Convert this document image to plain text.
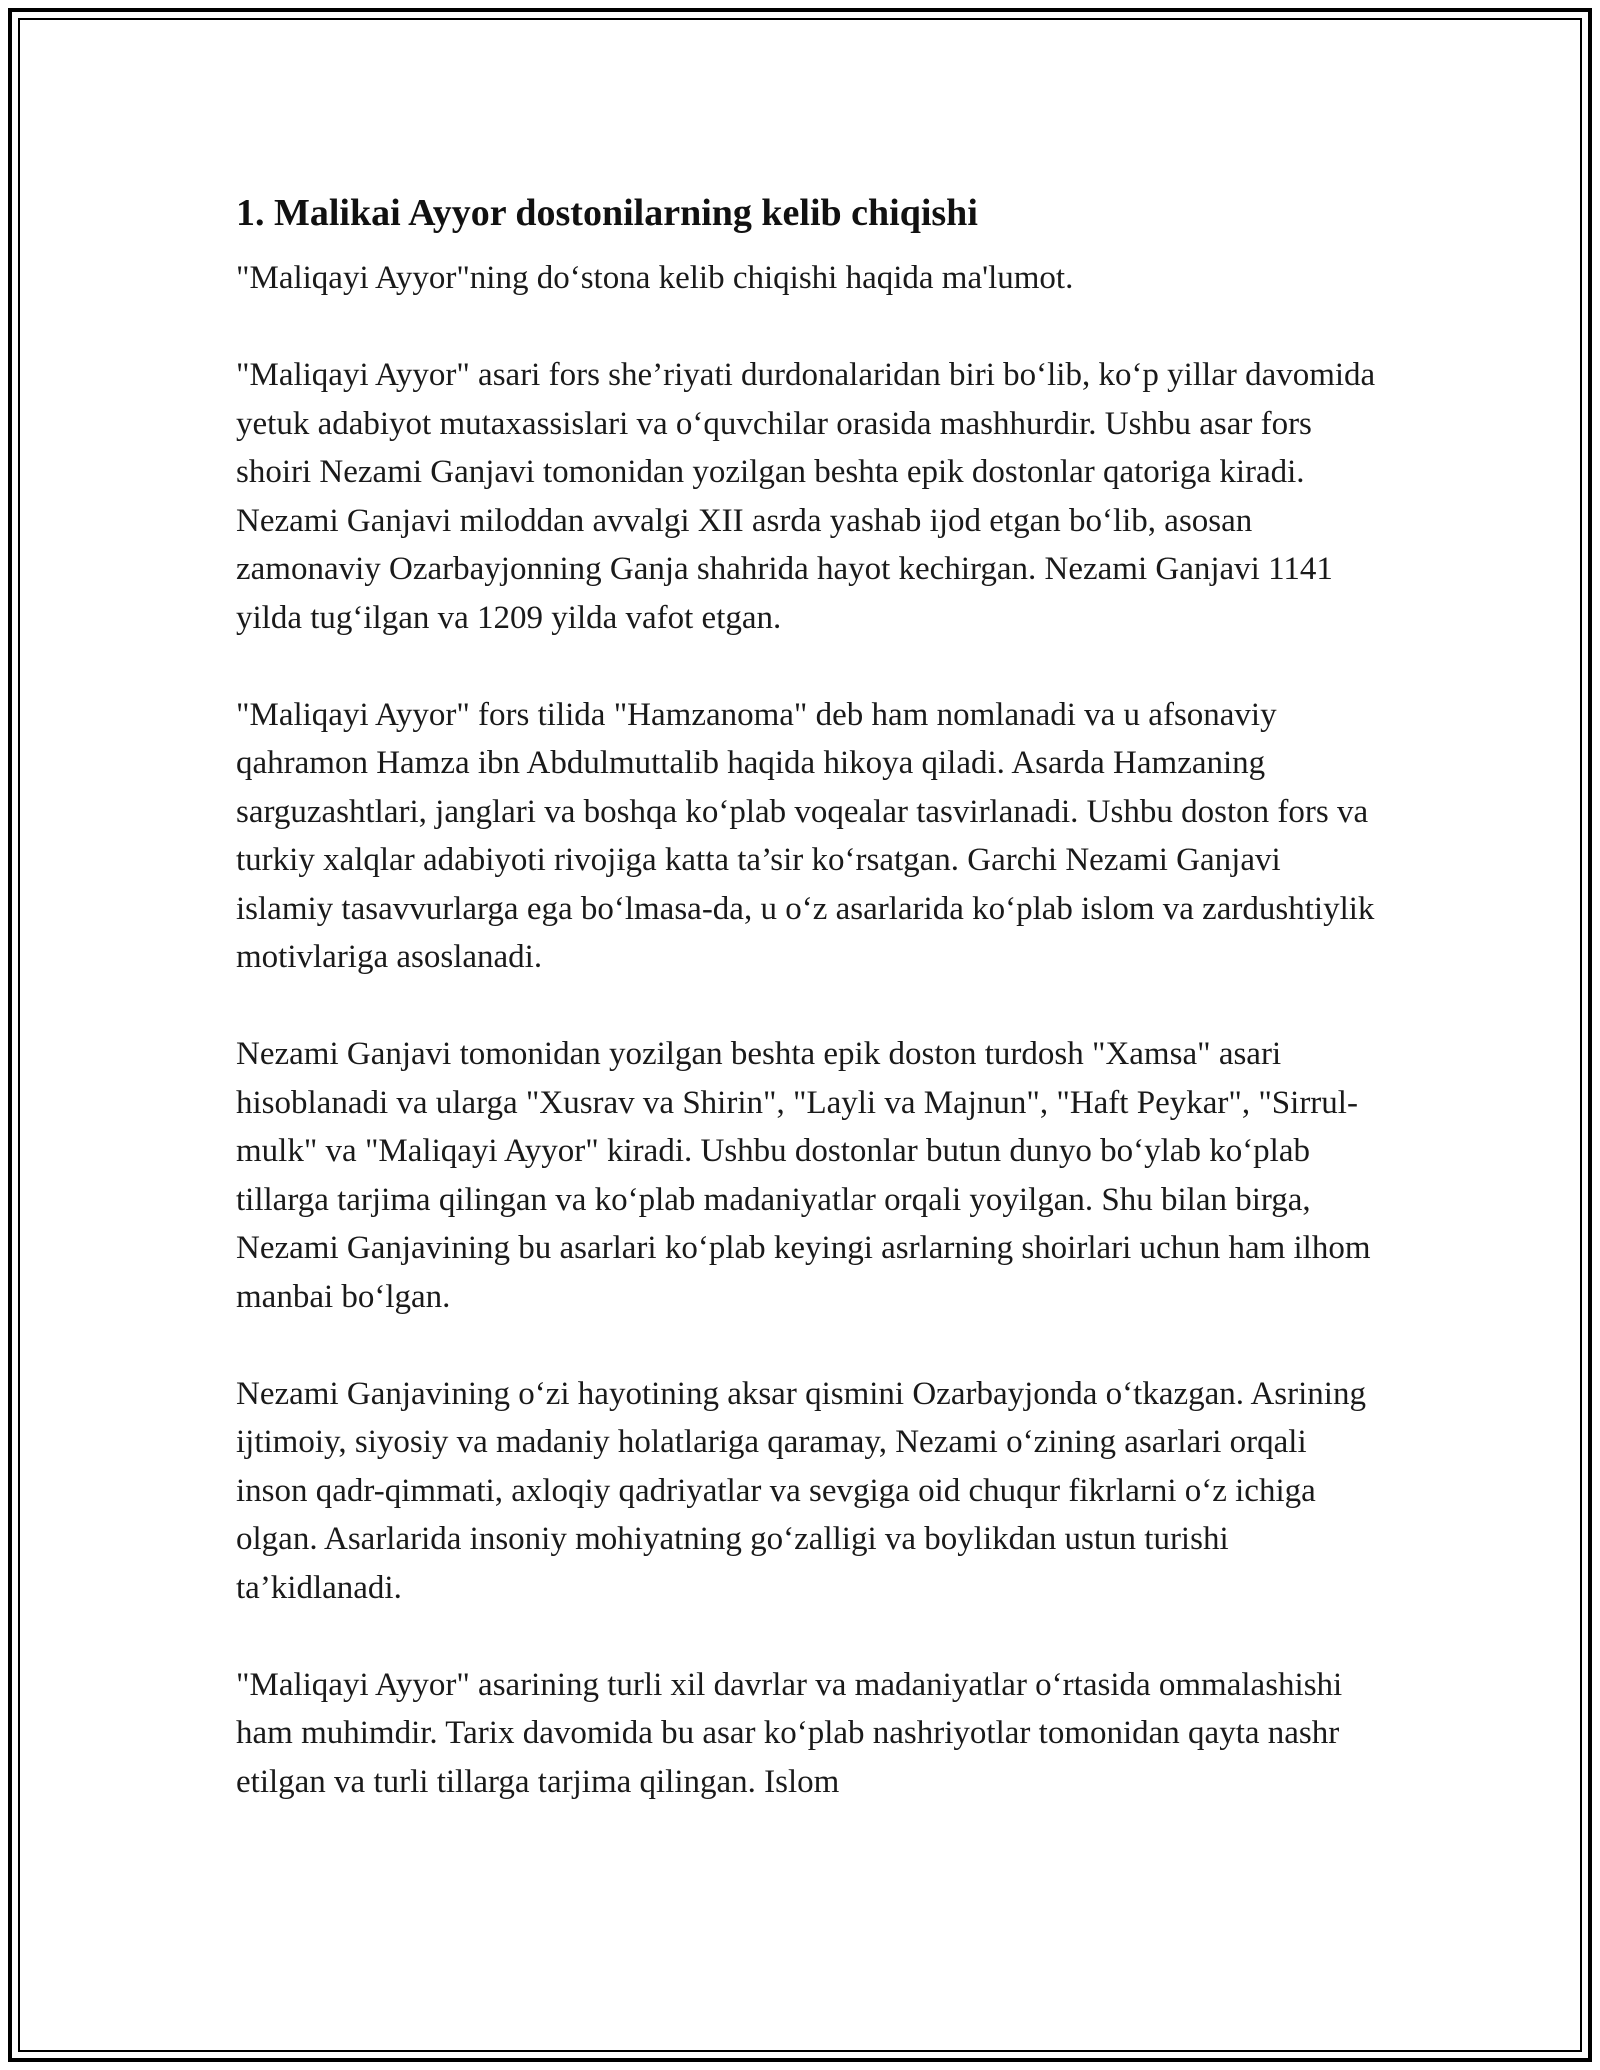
1. Malikai Ayyor dostonilarning kelib chiqishi

"Maliqayi Ayyor"ning do‘stona kelib chiqishi haqida ma'lumot.

"Maliqayi Ayyor" asari fors she’riyati durdonalaridan biri bo‘lib, ko‘p yillar davomida yetuk adabiyot mutaxassislari va o‘quvchilar orasida mashhurdir. Ushbu asar fors shoiri Nezami Ganjavi tomonidan yozilgan beshta epik dostonlar qatoriga kiradi. Nezami Ganjavi miloddan avvalgi XII asrda yashab ijod etgan bo‘lib, asosan zamonaviy Ozarbayjonning Ganja shahrida hayot kechirgan. Nezami Ganjavi 1141 yilda tug‘ilgan va 1209 yilda vafot etgan.

"Maliqayi Ayyor" fors tilida "Hamzanoma" deb ham nomlanadi va u afsonaviy qahramon Hamza ibn Abdulmuttalib haqida hikoya qiladi. Asarda Hamzaning sarguzashtlari, janglari va boshqa ko‘plab voqealar tasvirlanadi. Ushbu doston fors va turkiy xalqlar adabiyoti rivojiga katta ta’sir ko‘rsatgan. Garchi Nezami Ganjavi islamiy tasavvurlarga ega bo‘lmasa-da, u o‘z asarlarida ko‘plab islom va zardushtiylik motivlariga asoslanadi.

Nezami Ganjavi tomonidan yozilgan beshta epik doston turdosh "Xamsa" asari hisoblanadi va ularga "Xusrav va Shirin", "Layli va Majnun", "Haft Peykar", "Sirrul-mulk" va "Maliqayi Ayyor" kiradi. Ushbu dostonlar butun dunyo bo‘ylab ko‘plab tillarga tarjima qilingan va ko‘plab madaniyatlar orqali yoyilgan. Shu bilan birga, Nezami Ganjavining bu asarlari ko‘plab keyingi asrlarning shoirlari uchun ham ilhom manbai bo‘lgan.

Nezami Ganjavining o‘zi hayotining aksar qismini Ozarbayjonda o‘tkazgan. Asrining ijtimoiy, siyosiy va madaniy holatlariga qaramay, Nezami o‘zining asarlari orqali inson qadr-qimmati, axloqiy qadriyatlar va sevgiga oid chuqur fikrlarni o‘z ichiga olgan. Asarlarida insoniy mohiyatning go‘zalligi va boylikdan ustun turishi ta’kidlanadi.

"Maliqayi Ayyor" asarining turli xil davrlar va madaniyatlar o‘rtasida ommalashishi ham muhimdir. Tarix davomida bu asar ko‘plab nashriyotlar tomonidan qayta nashr etilgan va turli tillarga tarjima qilingan. Islom
